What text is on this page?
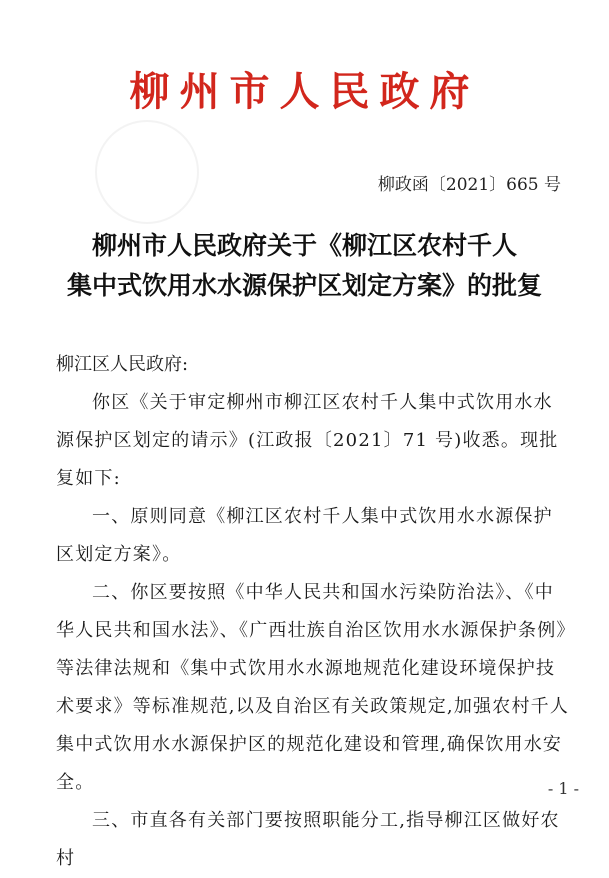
柳州市人民政府
柳政函〔2021〕665 号
柳州市人民政府关于《柳江区农村千人
集中式饮用水水源保护区划定方案》的批复

柳江区人民政府:

你区《关于审定柳州市柳江区农村千人集中式饮用水水源保护区划定的请示》(江政报〔2021〕71 号)收悉。现批复如下:

一、原则同意《柳江区农村千人集中式饮用水水源保护区划定方案》。

二、你区要按照《中华人民共和国水污染防治法》、《中华人民共和国水法》、《广西壮族自治区饮用水水源保护条例》等法律法规和《集中式饮用水水源地规范化建设环境保护技术要求》等标准规范,以及自治区有关政策规定,加强农村千人集中式饮用水水源保护区的规范化建设和管理,确保饮用水安全。

三、市直各有关部门要按照职能分工,指导柳江区做好农村

- 1 -
